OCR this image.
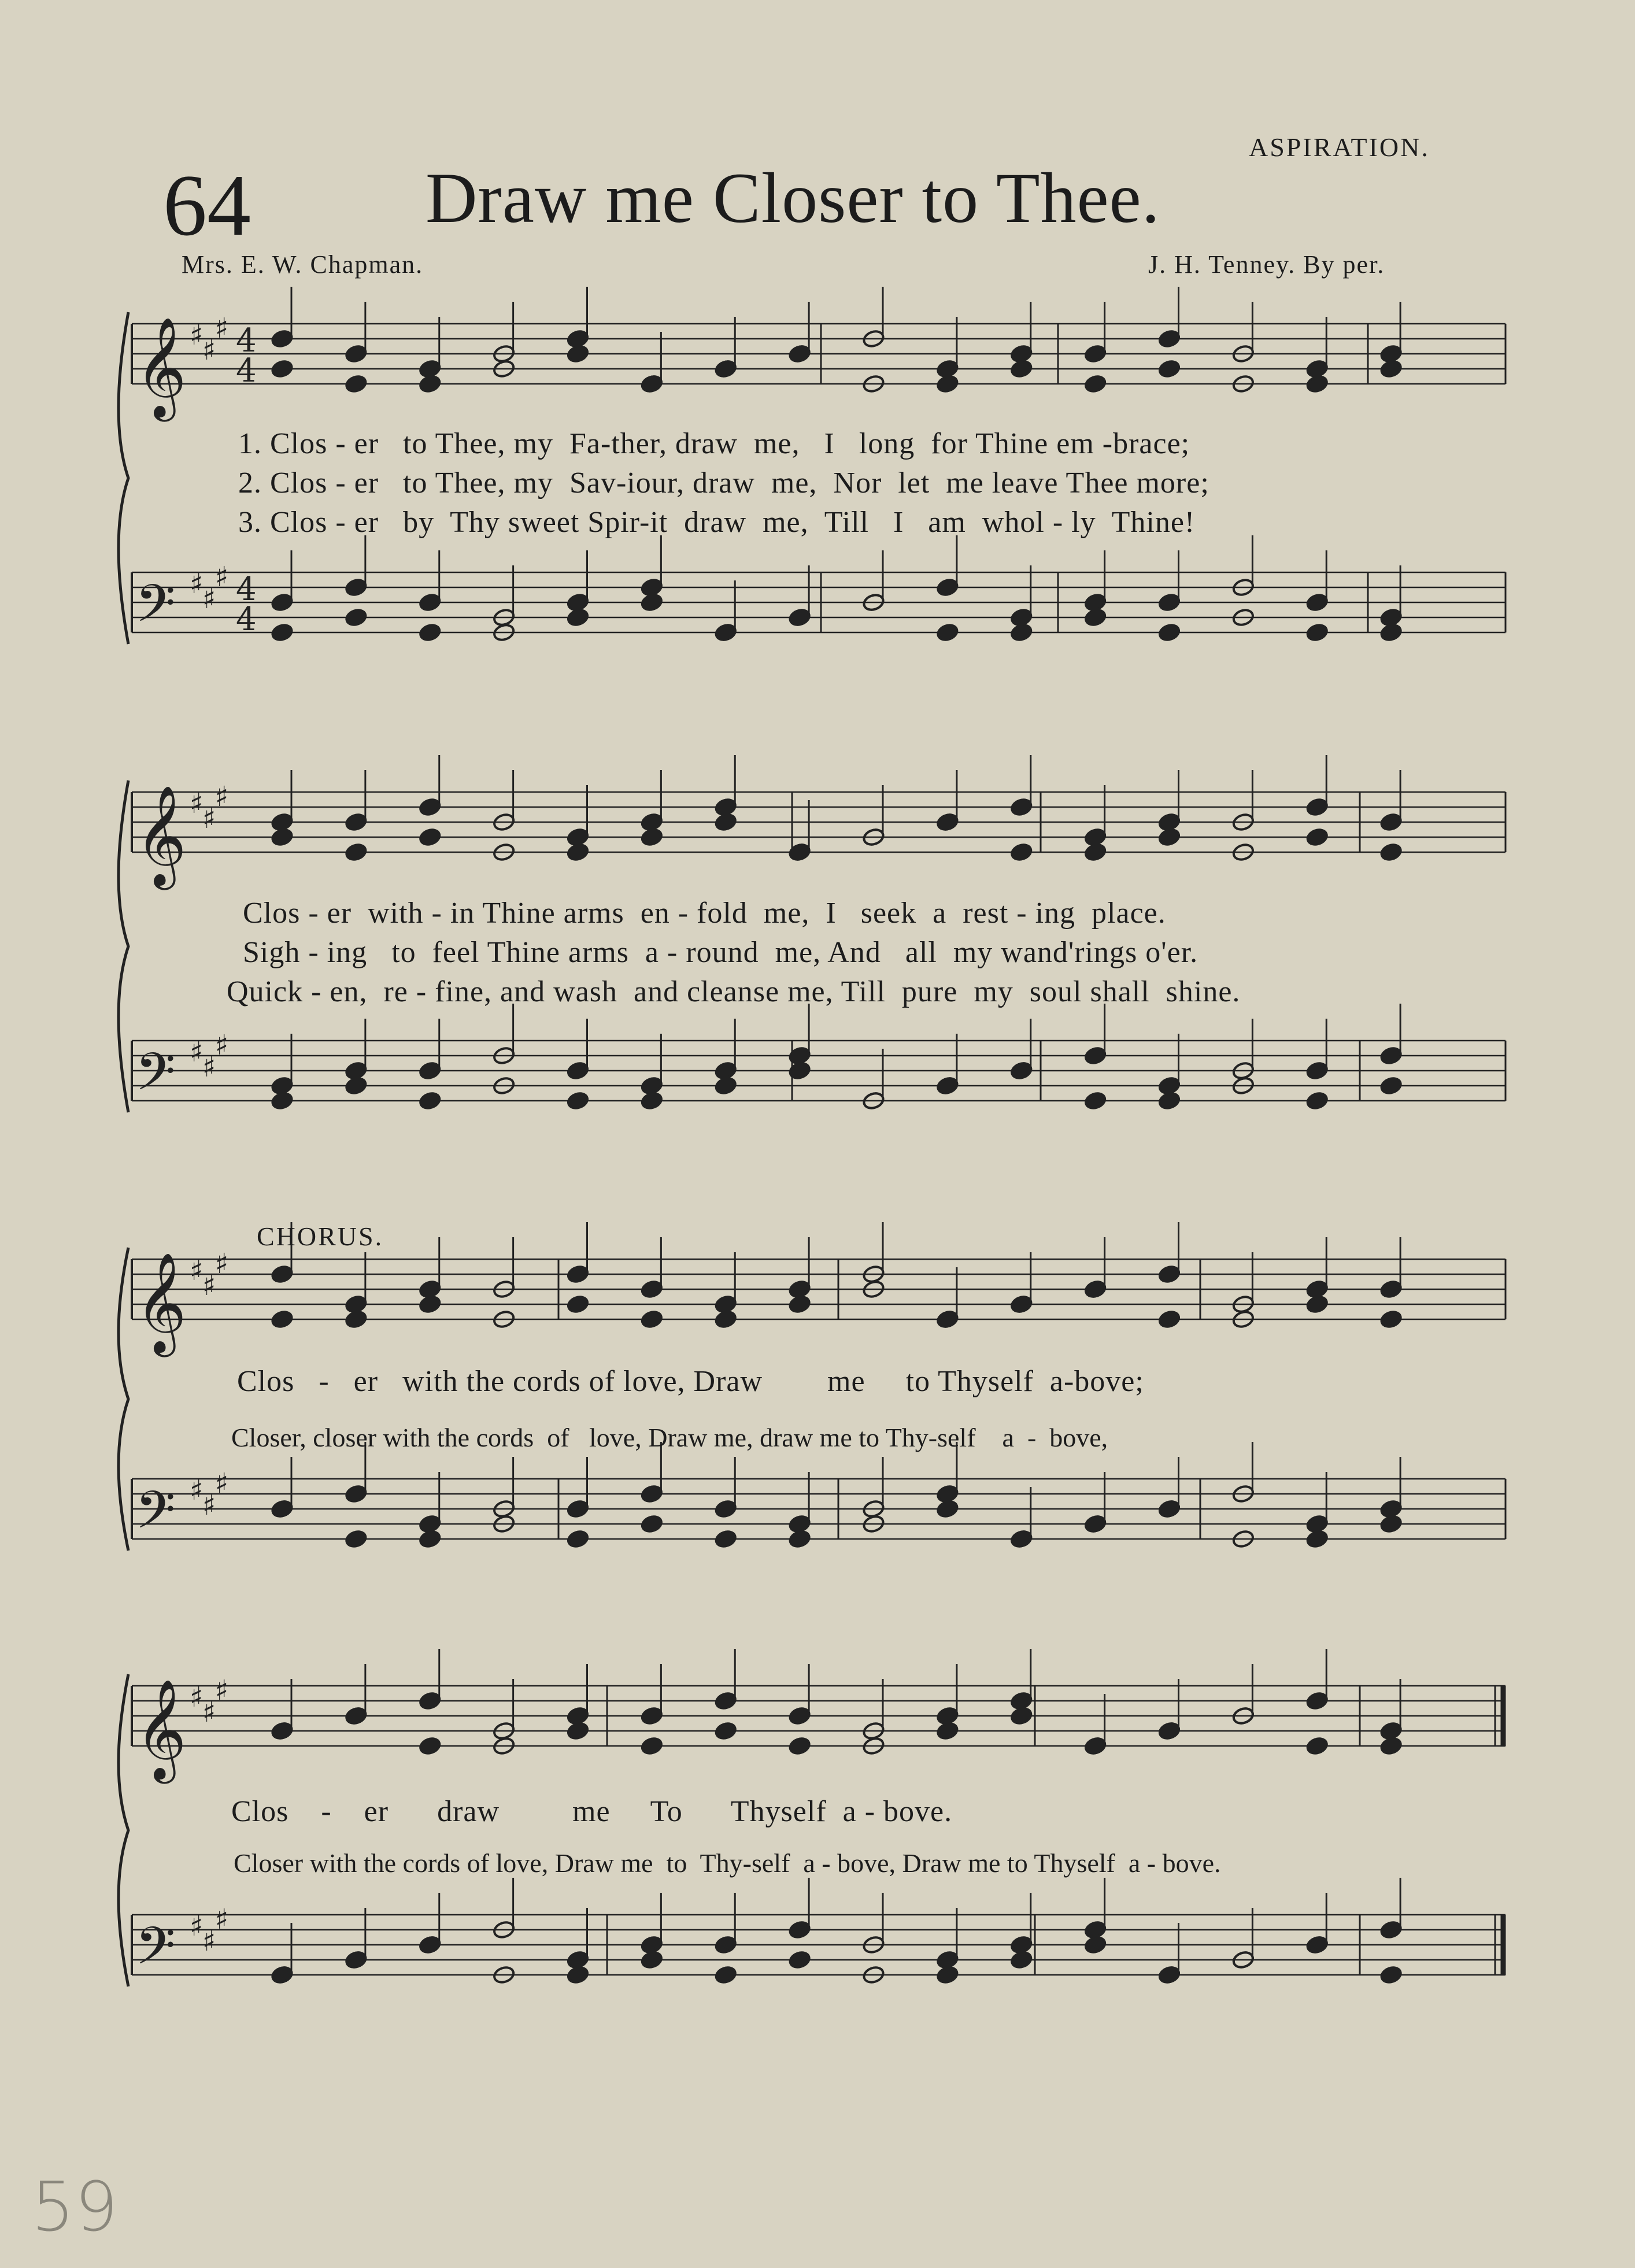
ASPIRATION.
64 Draw me Closer to Thee.
Mrs. E. W. Chapman.	J. H. Tenney. By per.
𝄞 ♯
♯
♯ 4
4
𝄢 ♯
♯
♯ 4
4
𝄞 ♯
♯
♯
𝄢 ♯
♯
♯
𝄞 ♯
♯
♯
𝄢 ♯
♯
♯
𝄞 ♯
♯
♯
𝄢 ♯
♯
♯
1. Clos - er   to Thee, my  Fa-ther, draw  me,   I   long  for Thine em -brace;
2. Clos - er   to Thee, my  Sav-iour, draw  me,  Nor  let  me leave Thee more;
3. Clos - er   by  Thy sweet Spir-it  draw  me,  Till   I   am  whol - ly  Thine!
Clos - er  with - in Thine arms  en - fold  me,  I   seek  a  rest - ing  place.
Sigh - ing   to  feel Thine arms  a - round  me, And   all  my wand'rings o'er.
Quick - en,  re - fine, and wash  and cleanse me, Till  pure  my  soul shall  shine.
CHORUS.
Clos   -   er   with the cords of love, Draw        me     to Thyself  a-bove;
Closer, closer with the cords  of   love, Draw me, draw me to Thy-self    a  -  bove,
Clos    -    er      draw         me     To      Thyself  a - bove.
Closer with the cords of love, Draw me  to  Thy-self  a - bove, Draw me to Thyself  a - bove.
59
